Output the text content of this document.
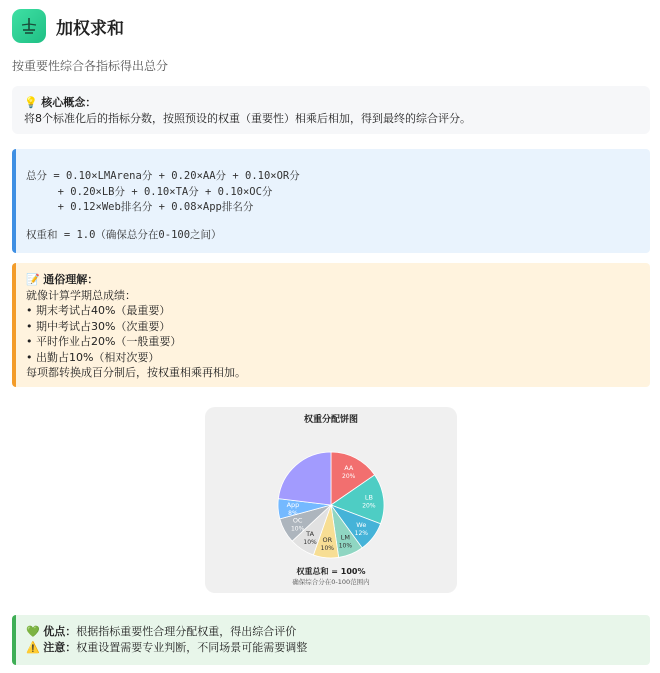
加权求和
按重要性综合各指标得出总分
💡 核心概念：
将8个标准化后的指标分数，按照预设的权重（重要性）相乘后相加，得到最终的综合评分。
总分 = 0.10×LMArena分 + 0.20×AA分 + 0.10×OR分
+ 0.20×LB分 + 0.10×TA分 + 0.10×OC分
+ 0.12×Web排名分 + 0.08×App排名分
权重和 = 1.0（确保总分在0-100之间）
📝 通俗理解：
就像计算学期总成绩：
• 期末考试占40%（最重要）
• 期中考试占30%（次重要）
• 平时作业占20%（一般重要）
• 出勤占10%（相对次要）
每项都转换成百分制后，按权重相乘再相加。
权重分配饼图
AA
20%
LB
20%
We
12%
LM
10%
OR
10%
TA
10%
OC
10%
App
8%
权重总和 = 100%
确保综合分在0-100范围内
💚 优点：根据指标重要性合理分配权重，得出综合评价
⚠️ 注意：权重设置需要专业判断，不同场景可能需要调整
